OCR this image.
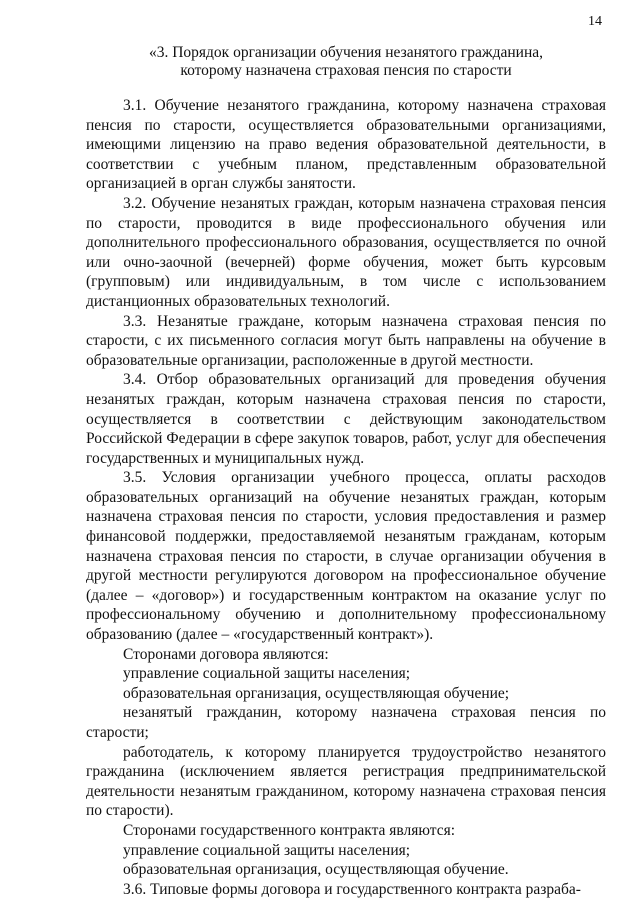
14
«3. Порядок организации обучения незанятого гражданина,
которому назначена страховая пенсия по старости

3.1. Обучение незанятого гражданина, которому назначена страховая пенсия по старости, осуществляется образовательными организациями, имеющими лицензию на право ведения образовательной деятельности, в соответствии с учебным планом, представленным образовательной организацией в орган службы занятости.

3.2. Обучение незанятых граждан, которым назначена страховая пенсия по старости, проводится в виде профессионального обучения или дополнительного профессионального образования, осуществляется по очной или очно-заочной (вечерней) форме обучения, может быть курсовым (групповым) или индивидуальным, в том числе с использованием дистанционных образовательных технологий.

3.3. Незанятые граждане, которым назначена страховая пенсия по старости, с их письменного согласия могут быть направлены на обучение в образовательные организации, расположенные в другой местности.

3.4. Отбор образовательных организаций для проведения обучения незанятых граждан, которым назначена страховая пенсия по старости, осуществляется в соответствии с действующим законодательством Российской Федерации в сфере закупок товаров, работ, услуг для обеспечения государственных и муниципальных нужд.

3.5. Условия организации учебного процесса, оплаты расходов образовательных организаций на обучение незанятых граждан, которым назначена страховая пенсия по старости, условия предоставления и размер финансовой поддержки, предоставляемой незанятым гражданам, которым назначена страховая пенсия по старости, в случае организации обучения в другой местности регулируются договором на профессиональное обучение (далее – «договор») и государственным контрактом на оказание услуг по профессиональному обучению и дополнительному профессиональному образованию (далее – «государственный контракт»).

Сторонами договора являются:

управление социальной защиты населения;

образовательная организация, осуществляющая обучение;

незанятый гражданин, которому назначена страховая пенсия по старости;

работодатель, к которому планируется трудоустройство незанятого гражданина (исключением является регистрация предпринимательской деятельности незанятым гражданином, которому назначена страховая пенсия по старости).

Сторонами государственного контракта являются:

управление социальной защиты населения;

образовательная организация, осуществляющая обучение.

3.6. Типовые формы договора и государственного контракта разраба-
